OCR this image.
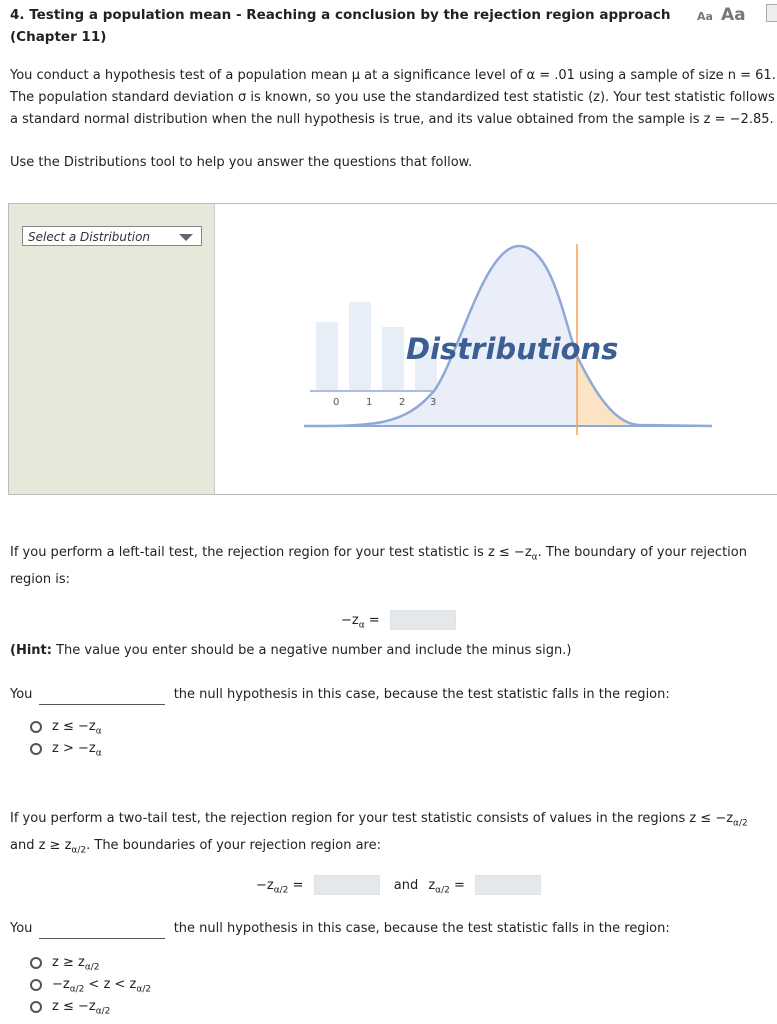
4. Testing a population mean - Reaching a conclusion by the rejection region approach
(Chapter 11)
Aa Aa

You conduct a hypothesis test of a population mean μ at a significance level of α = .01 using a sample of size n = 61.

The population standard deviation σ is known, so you use the standardized test statistic (z). Your test statistic follows

a standard normal distribution when the null hypothesis is true, and its value obtained from the sample is z = −2.85.

Use the Distributions tool to help you answer the questions that follow.
Select a Distribution
0	1	2 3
Distributions

If you perform a left-tail test, the rejection region for your test statistic is $z \le -z_\alpha$. The boundary of your rejection

region is:

$-z_\alpha$ =
(Hint: The value you enter should be a negative number and include the minus sign.)
You	the null hypothesis in this case, because the test statistic falls in the region:
$z \le -z_\alpha$
$z > -z_\alpha$

If you perform a two-tail test, the rejection region for your test statistic consists of values in the regions $z \le -z_{\alpha/2}$

and $z \ge z_{\alpha/2}$. The boundaries of your rejection region are:

$-z_{\alpha/2}$ =	and $z_{\alpha/2}$ =
You	the null hypothesis in this case, because the test statistic falls in the region:
$z \ge z_{\alpha/2}$
$-z_{\alpha/2} < z < z_{\alpha/2}$
$z \le -z_{\alpha/2}$
